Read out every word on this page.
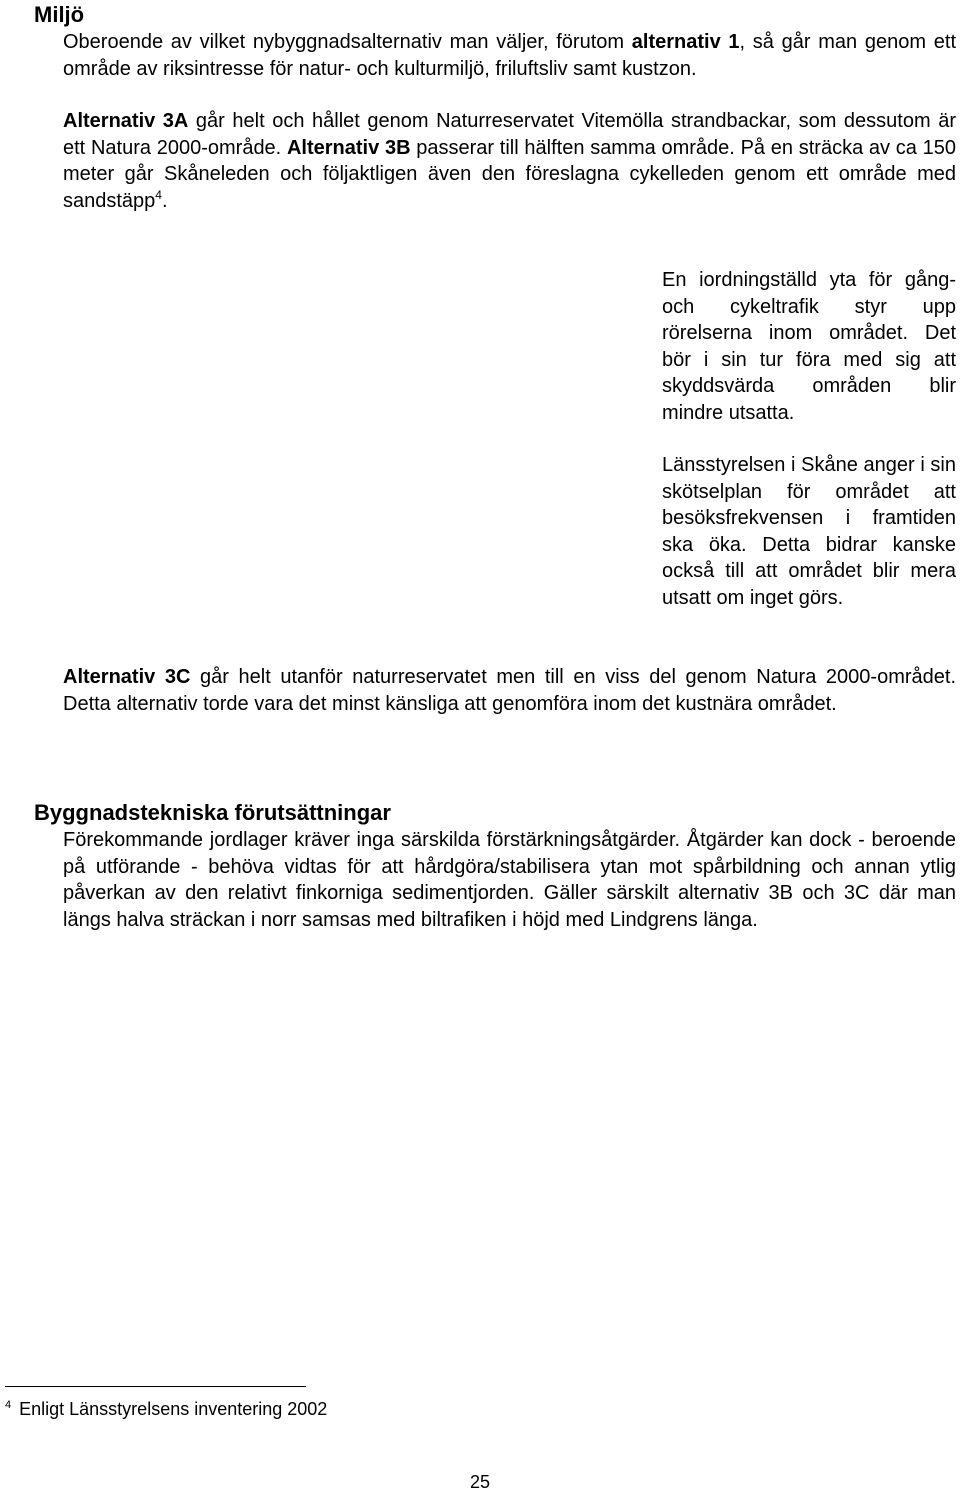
Miljö
Oberoende av vilket nybyggnadsalternativ man väljer, förutom alternativ 1, så går man genom ett område av riksintresse för natur- och kulturmiljö, friluftsliv samt kustzon.
Alternativ 3A går helt och hållet genom Naturreservatet Vitemölla strandbackar, som dessutom är ett Natura 2000-område. Alternativ 3B passerar till hälften samma område. På en sträcka av ca 150 meter går Skåneleden och följaktligen även den föreslagna cykelleden genom ett område med sandstäpp$^4$.
En iordningställd yta för gång- och cykeltrafik styr upp rörelserna inom området. Det bör i sin tur föra med sig att skyddsvärda områden blir mindre utsatta.
Länsstyrelsen i Skåne anger i sin skötselplan för området att besöksfrekvensen i framtiden ska öka. Detta bidrar kanske också till att området blir mera utsatt om inget görs.
Alternativ 3C går helt utanför naturreservatet men till en viss del genom Natura 2000-området. Detta alternativ torde vara det minst känsliga att genomföra inom det kustnära området.
Byggnadstekniska förutsättningar
Förekommande jordlager kräver inga särskilda förstärkningsåtgärder. Åtgärder kan dock - beroende på utförande - behöva vidtas för att hårdgöra/stabilisera ytan mot spårbildning och annan ytlig påverkan av den relativt finkorniga sedimentjorden. Gäller särskilt alternativ 3B och 3C där man längs halva sträckan i norr samsas med biltrafiken i höjd med Lindgrens länga.
$^4$ Enligt Länsstyrelsens inventering 2002
25
